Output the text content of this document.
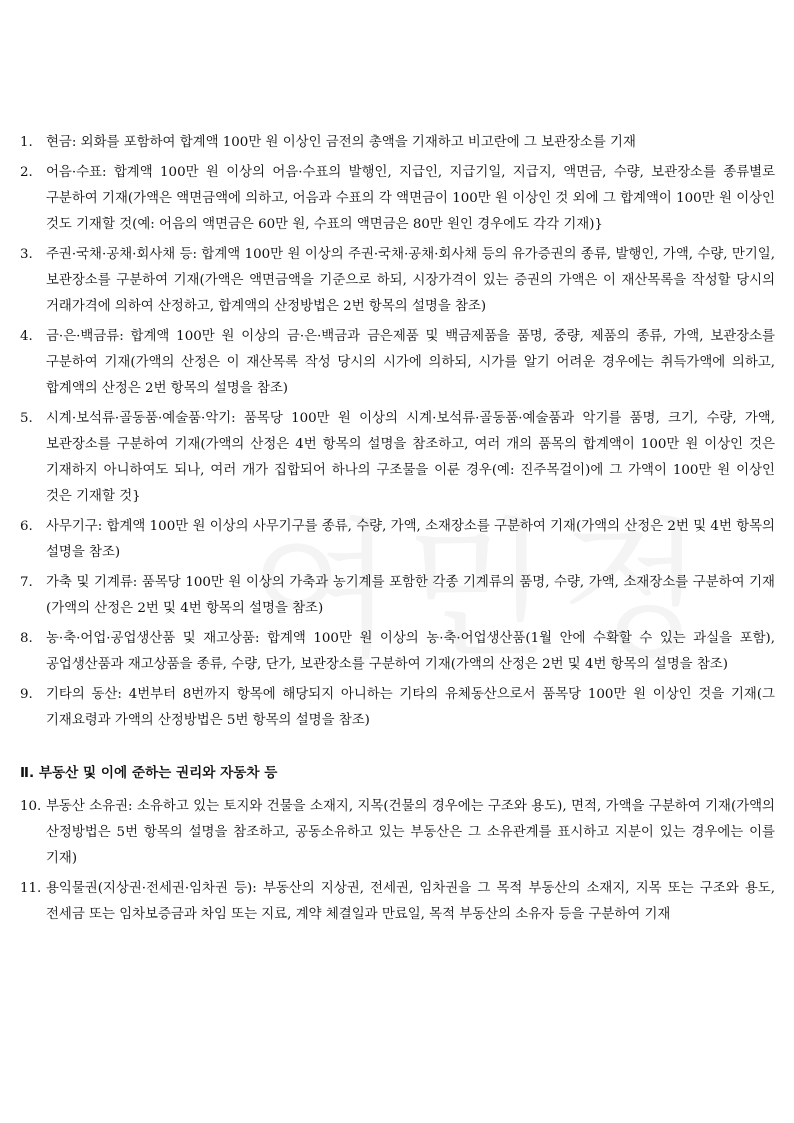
1. 현금: 외화를 포함하여 합계액 100만 원 이상인 금전의 총액을 기재하고 비고란에 그 보관장소를 기재
2. 어음·수표: 합계액 100만 원 이상의 어음·수표의 발행인, 지급인, 지급기일, 지급지, 액면금, 수량, 보관장소를 종류별로 구분하여 기재(가액은 액면금액에 의하고, 어음과 수표의 각 액면금이 100만 원 이상인 것 외에 그 합계액이 100만 원 이상인 것도 기재할 것(예: 어음의 액면금은 60만 원, 수표의 액면금은 80만 원인 경우에도 각각 기재)}
3. 주권·국채·공채·회사채 등: 합계액 100만 원 이상의 주권·국채·공채·회사채 등의 유가증권의 종류, 발행인, 가액, 수량, 만기일, 보관장소를 구분하여 기재(가액은 액면금액을 기준으로 하되, 시장가격이 있는 증권의 가액은 이 재산목록을 작성할 당시의 거래가격에 의하여 산정하고, 합계액의 산정방법은 2번 항목의 설명을 참조)
4. 금·은·백금류: 합계액 100만 원 이상의 금·은·백금과 금은제품 및 백금제품을 품명, 중량, 제품의 종류, 가액, 보관장소를 구분하여 기재(가액의 산정은 이 재산목록 작성 당시의 시가에 의하되, 시가를 알기 어려운 경우에는 취득가액에 의하고, 합계액의 산정은 2번 항목의 설명을 참조)
5. 시계·보석류·골동품·예술품·악기: 품목당 100만 원 이상의 시계·보석류·골동품·예술품과 악기를 품명, 크기, 수량, 가액, 보관장소를 구분하여 기재(가액의 산정은 4번 항목의 설명을 참조하고, 여러 개의 품목의 합계액이 100만 원 이상인 것은 기재하지 아니하여도 되나, 여러 개가 집합되어 하나의 구조물을 이룬 경우(예: 진주목걸이)에 그 가액이 100만 원 이상인 것은 기재할 것}
6. 사무기구: 합계액 100만 원 이상의 사무기구를 종류, 수량, 가액, 소재장소를 구분하여 기재(가액의 산정은 2번 및 4번 항목의 설명을 참조)
7. 가축 및 기계류: 품목당 100만 원 이상의 가축과 농기계를 포함한 각종 기계류의 품명, 수량, 가액, 소재장소를 구분하여 기재(가액의 산정은 2번 및 4번 항목의 설명을 참조)
8. 농·축·어업·공업생산품 및 재고상품: 합계액 100만 원 이상의 농·축·어업생산품(1월 안에 수확할 수 있는 과실을 포함), 공업생산품과 재고상품을 종류, 수량, 단가, 보관장소를 구분하여 기재(가액의 산정은 2번 및 4번 항목의 설명을 참조)
9. 기타의 동산: 4번부터 8번까지 항목에 해당되지 아니하는 기타의 유체동산으로서 품목당 100만 원 이상인 것을 기재(그 기재요령과 가액의 산정방법은 5번 항목의 설명을 참조)
Ⅱ. 부동산 및 이에 준하는 권리와 자동차 등
10. 부동산 소유권: 소유하고 있는 토지와 건물을 소재지, 지목(건물의 경우에는 구조와 용도), 면적, 가액을 구분하여 기재(가액의 산정방법은 5번 항목의 설명을 참조하고, 공동소유하고 있는 부동산은 그 소유관계를 표시하고 지분이 있는 경우에는 이를 기재)
11. 용익물권(지상권·전세권·임차권 등): 부동산의 지상권, 전세권, 임차권을 그 목적 부동산의 소재지, 지목 또는 구조와 용도, 전세금 또는 임차보증금과 차임 또는 지료, 계약 체결일과 만료일, 목적 부동산의 소유자 등을 구분하여 기재
